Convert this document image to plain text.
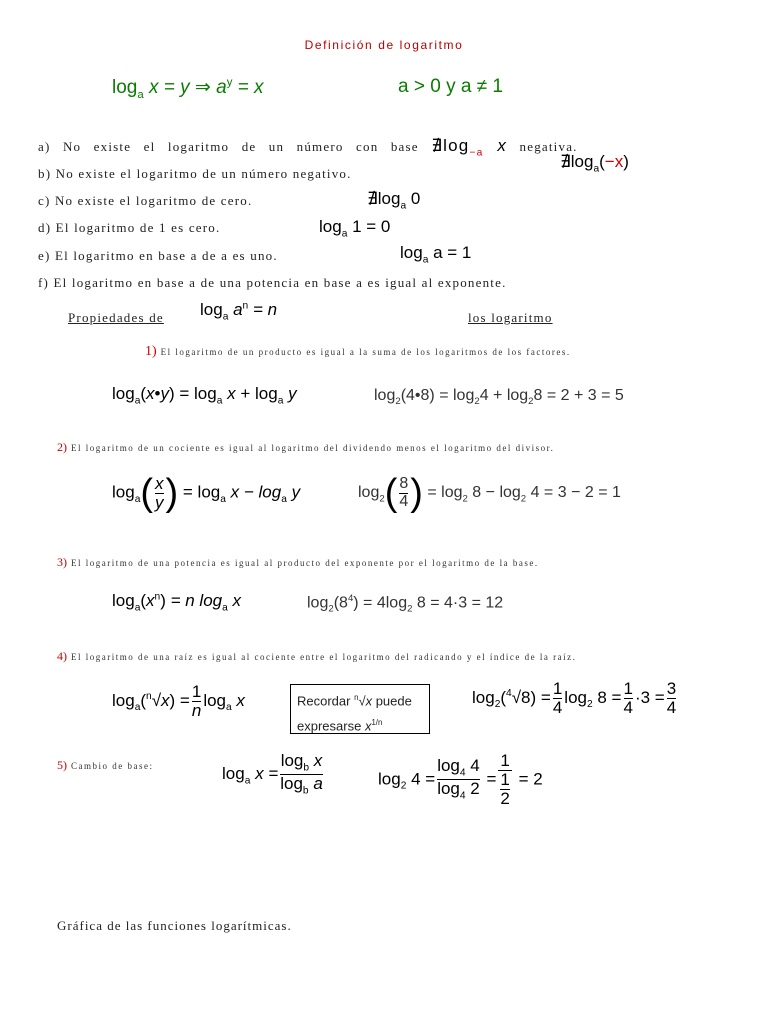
Definición de logaritmo
$\log_a x = y$ ⇒ $a^y = x$	a > 0 y a ≠ 1
a) No existe el logaritmo de un número con base $∄\log_{-a}$ x negativa.
$∄\log_a(-x)$
b) No existe el logaritmo de un número negativo.
c) No existe el logaritmo de cero.	$∄\log_a$ 0
d) El logaritmo de 1 es cero.	$\log_a 1 = 0$
e) El logaritmo en base a de a es uno.	$\log_a a = 1$
f) El logaritmo en base a de una potencia en base a es igual al exponente.
Propiedades de $\log_a a^n = n$	los logaritmo
1) El logaritmo de un producto es igual a la suma de los logaritmos de los factores.
$\log_a(x•y) = \log_a x + \log_a y$	$\log_2(4•8) = \log_24 + \log_28 = 2 + 3 = 5$
2) El logaritmo de un cociente es igual al logaritmo del dividendo menos el logaritmo del divisor.
$\log_a( \frac{x}{y}$ ) = $\log_a x - \log_a y$	$\log_2( \frac{8}{4}$ ) = $\log_2 8 - \log_2 4 = 3 - 2 = 1$
3) El logaritmo de una potencia es igual al producto del exponente por el logaritmo de la base.
$\log_a(x^n) = n$ $\log_a x$	$\log_2(8^4) = 4\log_2$ 8 = 4·3 = 12
4) El logaritmo de una raíz es igual al cociente entre el logaritmo del radicando y el índice de la raíz.
$\log_a(^n√x) = \frac{1}{n} \log_a x$	Recordar $^n$√x puede
expresarse $x^{1/n}$
$\log_2(^4√8) = \frac{1}{4} \log_2 8 = \frac{1}{4} \cdot 3 = \frac{3}{4}$
5) Cambio de base:	$\log_a x = \frac{\log_b x}{\log_b a}$	$\log_2 4 = \frac{\log_4 4}{\log_4 2} = \frac{1}{\frac{1}{2}} = 2$
Gráfica de las funciones logarítmicas.
